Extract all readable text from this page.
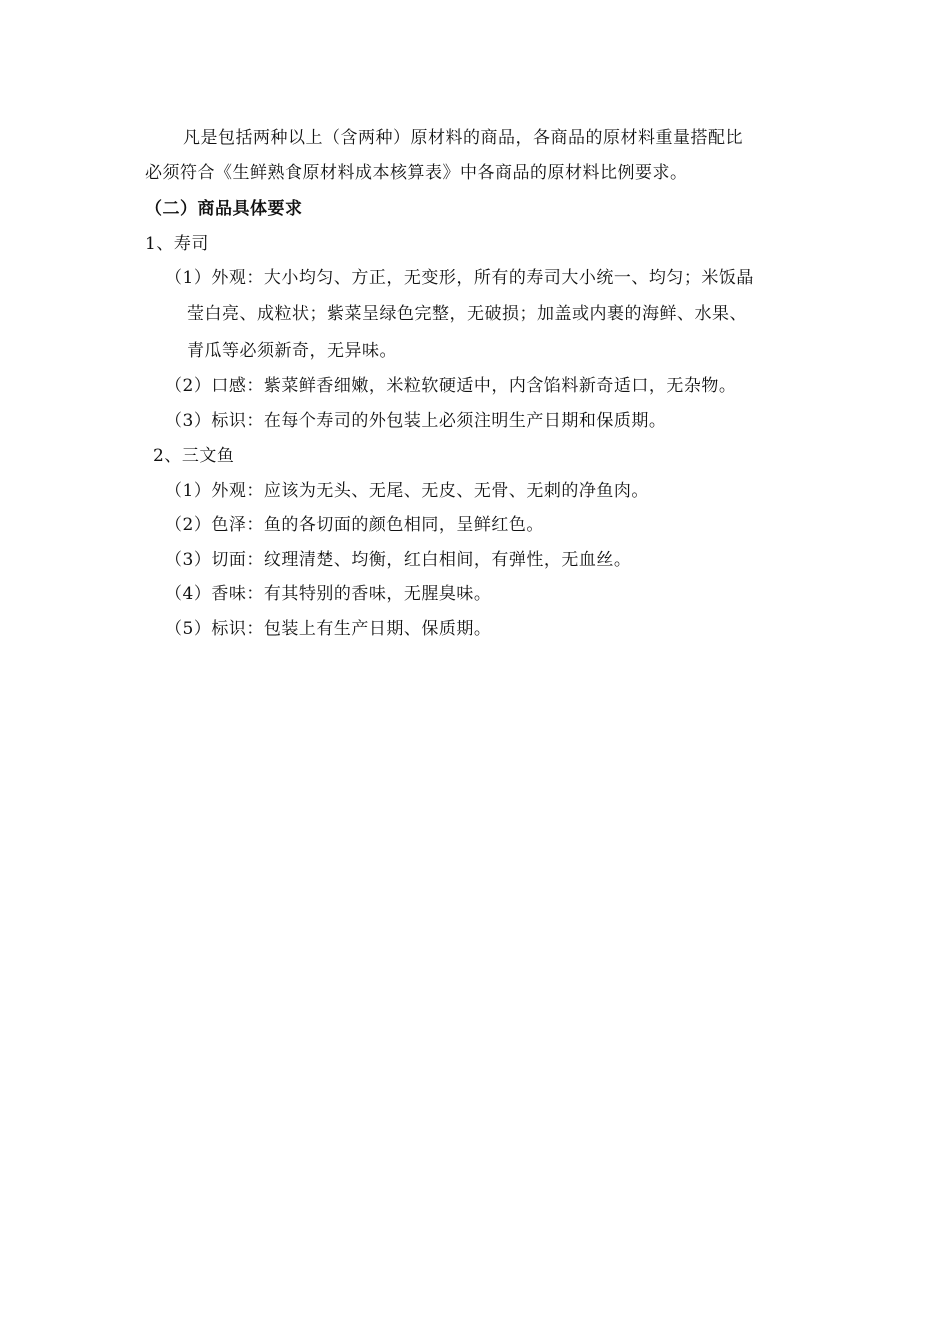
凡是包括两种以上（含两种）原材料的商品，各商品的原材料重量搭配比
必须符合《生鲜熟食原材料成本核算表》中各商品的原材料比例要求。
（二）商品具体要求
1、寿司
（1）外观：大小均匀、方正，无变形，所有的寿司大小统一、均匀；米饭晶
莹白亮、成粒状；紫菜呈绿色完整，无破损；加盖或内裹的海鲜、水果、
青瓜等必须新奇，无异味。
（2）口感：紫菜鲜香细嫩，米粒软硬适中，内含馅料新奇适口，无杂物。
（3）标识：在每个寿司的外包装上必须注明生产日期和保质期。
2、三文鱼
（1）外观：应该为无头、无尾、无皮、无骨、无刺的净鱼肉。
（2）色泽：鱼的各切面的颜色相同，呈鲜红色。
（3）切面：纹理清楚、均衡，红白相间，有弹性，无血丝。
（4）香味：有其特别的香味，无腥臭味。
（5）标识：包装上有生产日期、保质期。
